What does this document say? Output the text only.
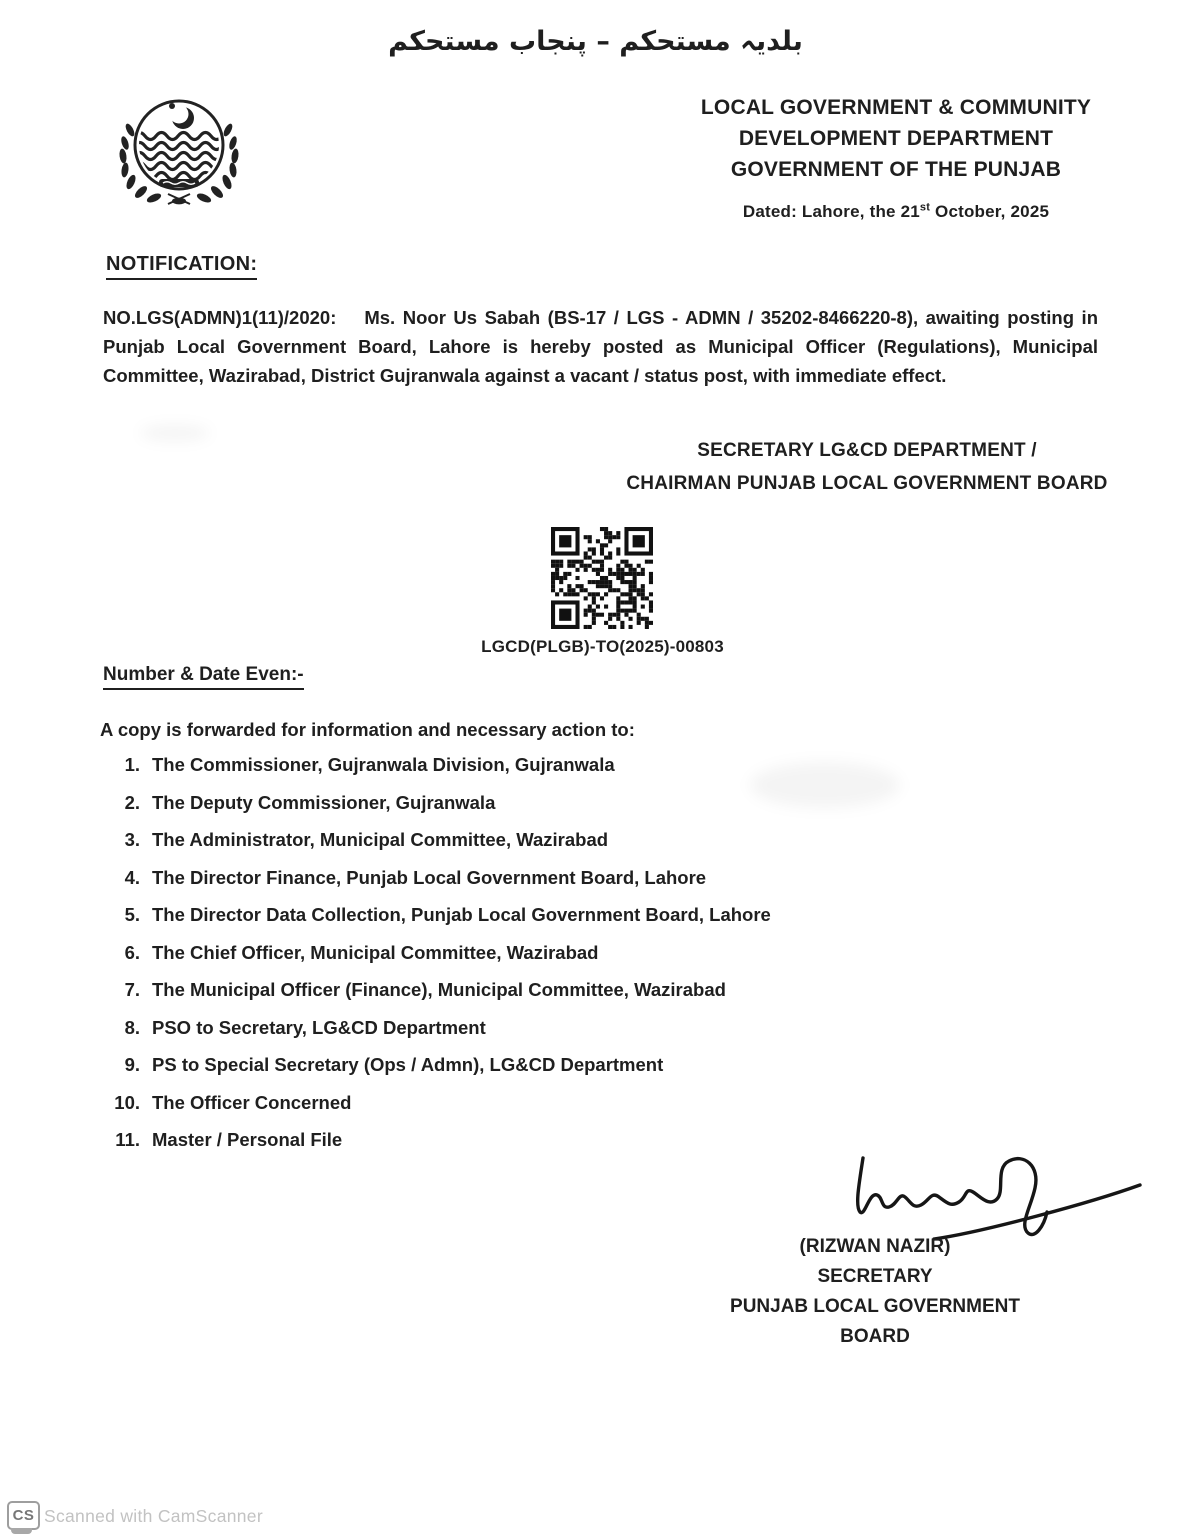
بلدیہ مستحکم – پنجاب مستحکم
LOCAL GOVERNMENT & COMMUNITY
DEVELOPMENT DEPARTMENT
GOVERNMENT OF THE PUNJAB
Dated: Lahore, the 21st October, 2025
NOTIFICATION:
NO.LGS(ADMN)1(11)/2020: Ms. Noor Us Sabah (BS-17 / LGS - ADMN / 35202-8466220-8), awaiting posting in Punjab Local Government Board, Lahore is hereby posted as Municipal Officer (Regulations), Municipal Committee, Wazirabad, District Gujranwala against a vacant / status post, with immediate effect.
SECRETARY LG&CD DEPARTMENT /
CHAIRMAN PUNJAB LOCAL GOVERNMENT BOARD
LGCD(PLGB)-TO(2025)-00803
Number & Date Even:-
A copy is forwarded for information and necessary action to:
1. The Commissioner, Gujranwala Division, Gujranwala
2. The Deputy Commissioner, Gujranwala
3. The Administrator, Municipal Committee, Wazirabad
4. The Director Finance, Punjab Local Government Board, Lahore
5. The Director Data Collection, Punjab Local Government Board, Lahore
6. The Chief Officer, Municipal Committee, Wazirabad
7. The Municipal Officer (Finance), Municipal Committee, Wazirabad
8. PSO to Secretary, LG&CD Department
9. PS to Special Secretary (Ops / Admn), LG&CD Department
10. The Officer Concerned
11. Master / Personal File
(RIZWAN NAZIR)
SECRETARY
PUNJAB LOCAL GOVERNMENT BOARD
CS Scanned with CamScanner
